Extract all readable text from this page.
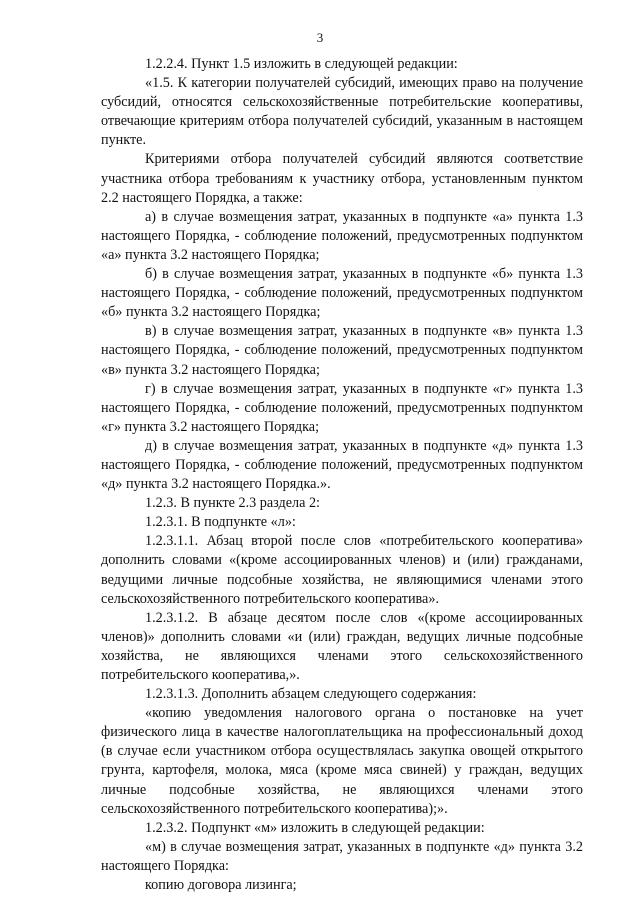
3

1.2.2.4. Пункт 1.5 изложить в следующей редакции:

«1.5. К категории получателей субсидий, имеющих право на получение субсидий, относятся сельскохозяйственные потребительские кооперативы, отвечающие критериям отбора получателей субсидий, указанным в настоящем пункте.

Критериями отбора получателей субсидий являются соответствие участника отбора требованиям к участнику отбора, установленным пунктом 2.2 настоящего Порядка, а также:

а) в случае возмещения затрат, указанных в подпункте «а» пункта 1.3 настоящего Порядка, - соблюдение положений, предусмотренных подпунктом «а» пункта 3.2 настоящего Порядка;

б) в случае возмещения затрат, указанных в подпункте «б» пункта 1.3 настоящего Порядка, - соблюдение положений, предусмотренных подпунктом «б» пункта 3.2 настоящего Порядка;

в) в случае возмещения затрат, указанных в подпункте «в» пункта 1.3 настоящего Порядка, - соблюдение положений, предусмотренных подпунктом «в» пункта 3.2 настоящего Порядка;

г) в случае возмещения затрат, указанных в подпункте «г» пункта 1.3 настоящего Порядка, - соблюдение положений, предусмотренных подпунктом «г» пункта 3.2 настоящего Порядка;

д) в случае возмещения затрат, указанных в подпункте «д» пункта 1.3 настоящего Порядка, - соблюдение положений, предусмотренных подпунктом «д» пункта 3.2 настоящего Порядка.».

1.2.3. В пункте 2.3 раздела 2:

1.2.3.1. В подпункте «л»:

1.2.3.1.1. Абзац второй после слов «потребительского кооператива» дополнить словами «(кроме ассоциированных членов) и (или) гражданами, ведущими личные подсобные хозяйства, не являющимися членами этого сельскохозяйственного потребительского кооператива».

1.2.3.1.2. В абзаце десятом после слов «(кроме ассоциированных членов)» дополнить словами «и (или) граждан, ведущих личные подсобные хозяйства, не являющихся членами этого сельскохозяйственного потребительского кооператива,».

1.2.3.1.3. Дополнить абзацем следующего содержания:

«копию уведомления налогового органа о постановке на учет физического лица в качестве налогоплательщика на профессиональный доход (в случае если участником отбора осуществлялась закупка овощей открытого грунта, картофеля, молока, мяса (кроме мяса свиней) у граждан, ведущих личные подсобные хозяйства, не являющихся членами этого сельскохозяйственного потребительского кооператива);».

1.2.3.2. Подпункт «м» изложить в следующей редакции:

«м) в случае возмещения затрат, указанных в подпункте «д» пункта 3.2 настоящего Порядка:

копию договора лизинга;
